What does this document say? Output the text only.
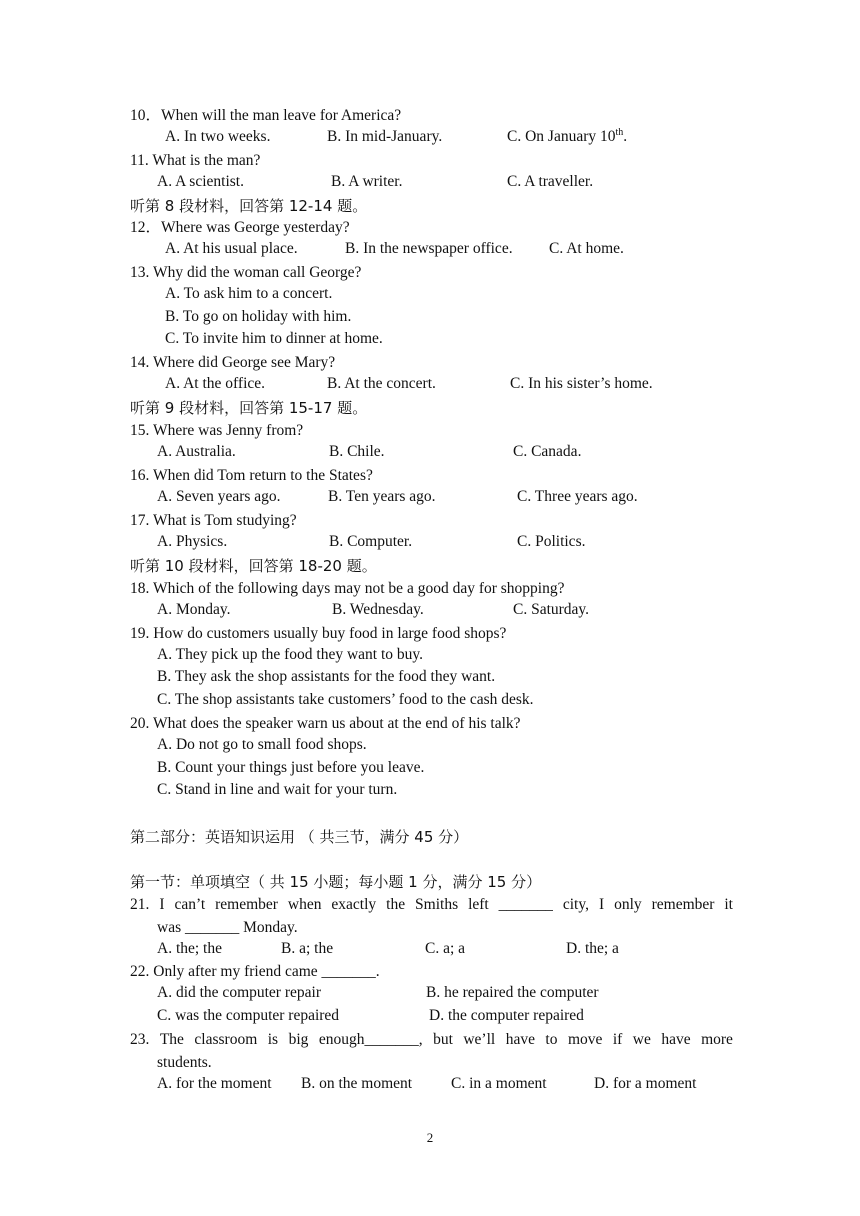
10．When will the man leave for America?
A. In two weeks.	B. In mid-January.	C. On January 10th.
11. What is the man?
A. A scientist.	B. A writer.	C. A traveller.
听第 8 段材料，回答第 12-14 题。
12．Where was George yesterday?
A. At his usual place.	B. In the newspaper office. C. At home.
13. Why did the woman call George?
A. To ask him to a concert.
B. To go on holiday with him.
C. To invite him to dinner at home.
14. Where did George see Mary?
A. At the office.	B. At the concert.	C. In his sister’s home.
听第 9 段材料，回答第 15-17 题。
15. Where was Jenny from?
A. Australia.	B. Chile.	C. Canada.
16. When did Tom return to the States?
A. Seven years ago.	B. Ten years ago.	C. Three years ago.
17. What is Tom studying?
A. Physics.	B. Computer.	C. Politics.
听第 10 段材料，回答第 18-20 题。
18. Which of the following days may not be a good day for shopping?
A. Monday.	B. Wednesday.	C. Saturday.
19. How do customers usually buy food in large food shops?
A. They pick up the food they want to buy.
B. They ask the shop assistants for the food they want.
C. The shop assistants take customers’ food to the cash desk.
20. What does the speaker warn us about at the end of his talk?
A. Do not go to small food shops.
B. Count your things just before you leave.
C. Stand in line and wait for your turn.
第二部分：英语知识运用 （ 共三节，满分 45 分）
第一节：单项填空（ 共 15 小题；每小题 1 分，满分 15 分）
21. I can’t remember when exactly the Smiths left _______ city, I only remember it
was _______ Monday.
A. the; the	B. a; the	C. a; a	D. the; a
22. Only after my friend came _______.
A. did the computer repair	B. he repaired the computer
C. was the computer repaired	D. the computer repaired
23. The classroom is big enough_______, but we’ll have to move if we have more
students.
A. for the moment B. on the moment	C. in a moment	D. for a moment
2
